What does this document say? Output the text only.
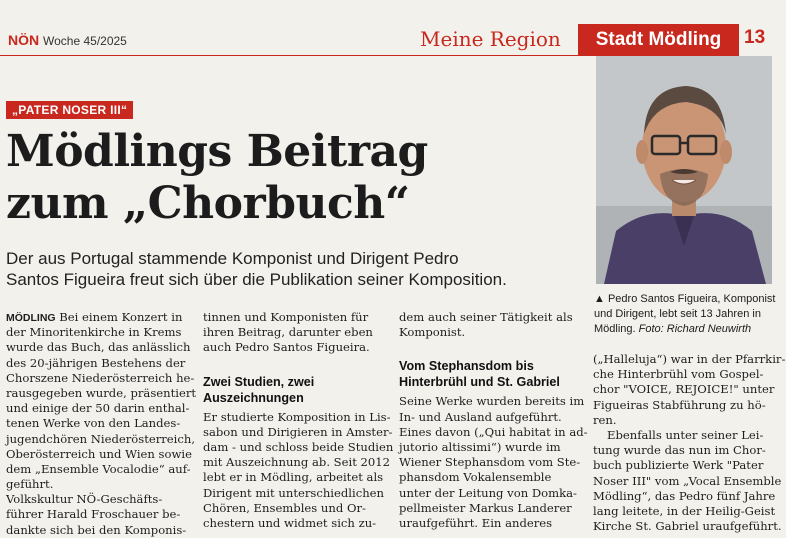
NÖN Woche 45/2025	Meine Region	Stadt Mödling	13
„PATER NOSER III“
Mödlings Beitrag
zum „Chorbuch“
Der aus Portugal stammende Komponist und Dirigent Pedro
Santos Figueira freut sich über die Publikation seiner Komposition.
▲ Pedro Santos Figueira, Komponist und Dirigent, lebt seit 13 Jahren in Mödling. Foto: Richard Neuwirth
MÖDLING Bei einem Konzert in
der Minoritenkirche in Krems
wurde das Buch, das anlässlich
des 20-jährigen Bestehens der
Chorszene Niederösterreich he-
rausgegeben wurde, präsentiert
und einige der 50 darin enthal-
tenen Werke von den Landes-
jugendchören Niederösterreich,
Oberösterreich und Wien sowie
dem „Ensemble Vocalodie“ auf-
geführt.
Volkskultur NÖ-Geschäfts-
führer Harald Froschauer be-
dankte sich bei den Komponis-
tinnen und Komponisten für
ihren Beitrag, darunter eben
auch Pedro Santos Figueira.
Zwei Studien, zwei
Auszeichnungen
Er studierte Komposition in Lis-
sabon und Dirigieren in Amster-
dam - und schloss beide Studien
mit Auszeichnung ab. Seit 2012
lebt er in Mödling, arbeitet als
Dirigent mit unterschiedlichen
Chören, Ensembles und Or-
chestern und widmet sich zu-
dem auch seiner Tätigkeit als
Komponist.
Vom Stephansdom bis
Hinterbrühl und St. Gabriel
Seine Werke wurden bereits im
In- und Ausland aufgeführt.
Eines davon („Qui habitat in ad-
jutorio altissimi“) wurde im
Wiener Stephansdom vom Ste-
phansdom Vokalensemble
unter der Leitung von Domka-
pellmeister Markus Landerer
uraufgeführt. Ein anderes
(„Halleluja“) war in der Pfarrkir-
che Hinterbrühl vom Gospel-
chor "VOICE, REJOICE!" unter
Figueiras Stabführung zu hö-
ren.
Ebenfalls unter seiner Lei-
tung wurde das nun im Chor-
buch publizierte Werk "Pater
Noser III" vom „Vocal Ensemble
Mödling“, das Pedro fünf Jahre
lang leitete, in der Heilig-Geist
Kirche St. Gabriel uraufgeführt.
